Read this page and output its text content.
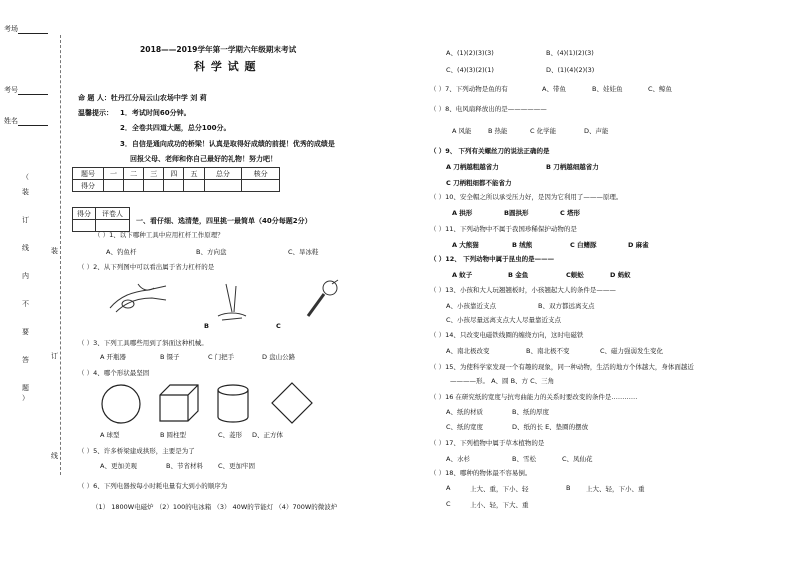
考场
考号
姓名
（
装
订
线
内
不
要
答
题
）
装
订
线
2018——2019学年第一学期六年级期末考试
科 学 试 题
命 题 人：牡丹江分局云山农场中学 刘 莉
温馨提示： 1．考试时间60分钟。
2．全卷共四道大题，总分100分。
3．自信是通向成功的桥梁！认真是取得好成绩的前提！优秀的成绩是
回报父母、老师和你自己最好的礼物！努力吧！
题号	一	二	三	四	五	总分	核分
得分							
得分	评卷人

一、看仔细、选清楚，四里挑一最简单（40分每题2分）
（ ）1、以下哪种工具中应用杠杆工作原理？
A、钓鱼杆	B、方向盘	C、旱冰鞋
（ ）2、从下列图中可以看出属于省力杠杆的是
B	C
（ ）3、下列工具哪些用到了斜面这种机械。
A 开瓶器	B 镊子	C 门把手	D 盘山公路
（ ）4、哪个形状最坚固
A 球型	B 圆柱型	C、菱形 D、正方体
（ ）5、许多桥梁建成拱形，主要是为了
A、更加美观	B、节省材料 C、更加牢固
（ ）6、下列电器按每小时耗电量有大到小的顺序为
（1） 1800W电磁炉 （2）100的电冰箱 （3） 40W的节能灯 （4）700W的微波炉
A、(1)(2)(3)(3)	B、(4)(1)(2)(3)
C、(4)(3)(2)(1)	D、(1)(4)(2)(3)
（ ）7、下列动物是鱼的有	A、带鱼	B、娃娃鱼	C、鲸鱼
（ ）8、电风扇释放出的是——————
A 风能	B 热能	C 化学能	D、声能
（ ）9、 下列有关螺丝刀的说法正确的是
A 刀柄越粗越省力	B 刀柄越细越省力
C 刀柄粗细都不能省力
（ ）10、安全帽之所以承受压力好，是因为它利用了———原理。
A 拱形	B圆拱形	C 塔形
（ ）11、下列动物中不属于我国珍稀保护动物的是
A 大熊猫	B 绒熊	C 白鳍豚	D 麻雀
（ ）12、 下列动物中属于昆虫的是———
A 蚊子	B 金鱼	C蜈蚣	D 蚂蚁
（ ）13、小孩和大人玩翘翘板时，小孩翘起大人的条件是———
A、小孩靠近支点	B、双方都远离支点
C、小孩尽量远离支点大人尽量靠近支点
（ ）14、只改变电磁铁线圈的缠绕方向，这时电磁铁
A、南北极改变	B、南北极不变	C、磁力强弱发生变化
（ ）15、为使科学家发现一个有趣的现象，同一种动物，生活的地方个体越大，身体面越近
————形。 A、圆 B、方 C、三角
（ ）16 在研究纸的宽度与抗弯曲能力的关系时要改变的条件是…………
A、纸的材质	B、纸的厚度
C、纸的宽度	D、纸的长 E、垫圈的摆放
（ ）17、下列植物中属于草本植物的是
A、水杉	B、雪松	C、凤仙花
（ ）18、哪种的物体最不容易倒。
A	上大、重，下小、轻	B 上大、轻，下小、重
C	上小、轻，下大、重
